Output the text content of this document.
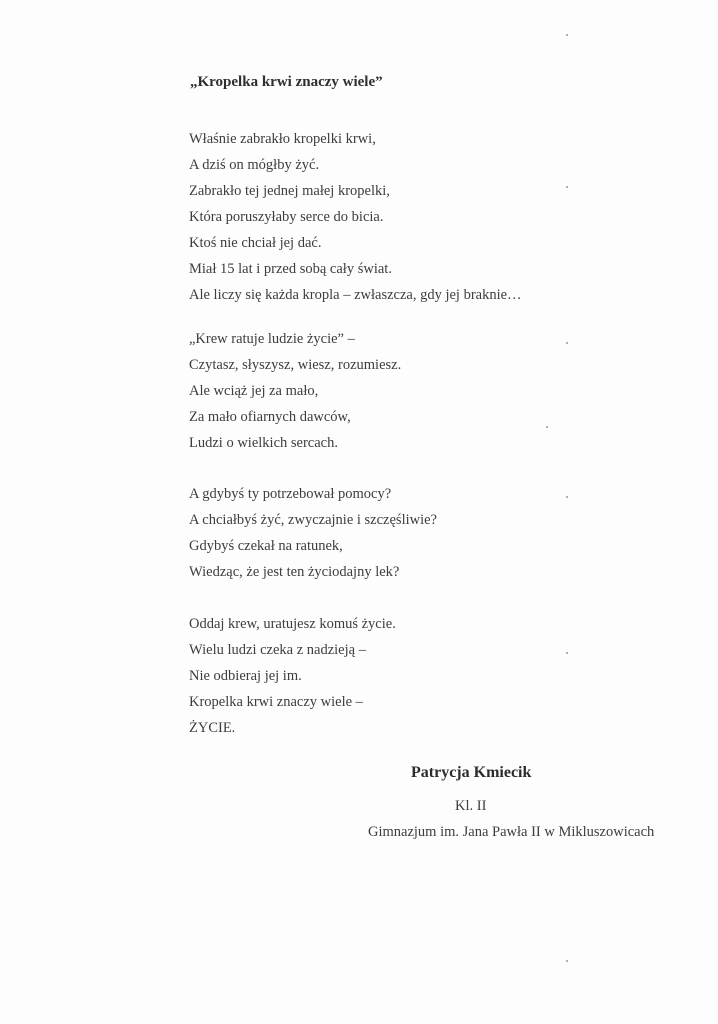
„Kropelka krwi znaczy wiele”
Właśnie zabrakło kropelki krwi,
A dziś on mógłby żyć.
Zabrakło tej jednej małej kropelki,
Która poruszyłaby serce do bicia.
Ktoś nie chciał jej dać.
Miał 15 lat i przed sobą cały świat.
Ale liczy się każda kropla – zwłaszcza, gdy jej braknie…
„Krew ratuje ludzie życie” –
Czytasz, słyszysz, wiesz, rozumiesz.
Ale wciąż jej za mało,
Za mało ofiarnych dawców,
Ludzi o wielkich sercach.
A gdybyś ty potrzebował pomocy?
A chciałbyś żyć, zwyczajnie i szczęśliwie?
Gdybyś czekał na ratunek,
Wiedząc, że jest ten życiodajny lek?
Oddaj krew, uratujesz komuś życie.
Wielu ludzi czeka z nadzieją –
Nie odbieraj jej im.
Kropelka krwi znaczy wiele –
ŻYCIE.
Patrycja Kmiecik
Kl. II
Gimnazjum im. Jana Pawła II w Mikluszowicach
